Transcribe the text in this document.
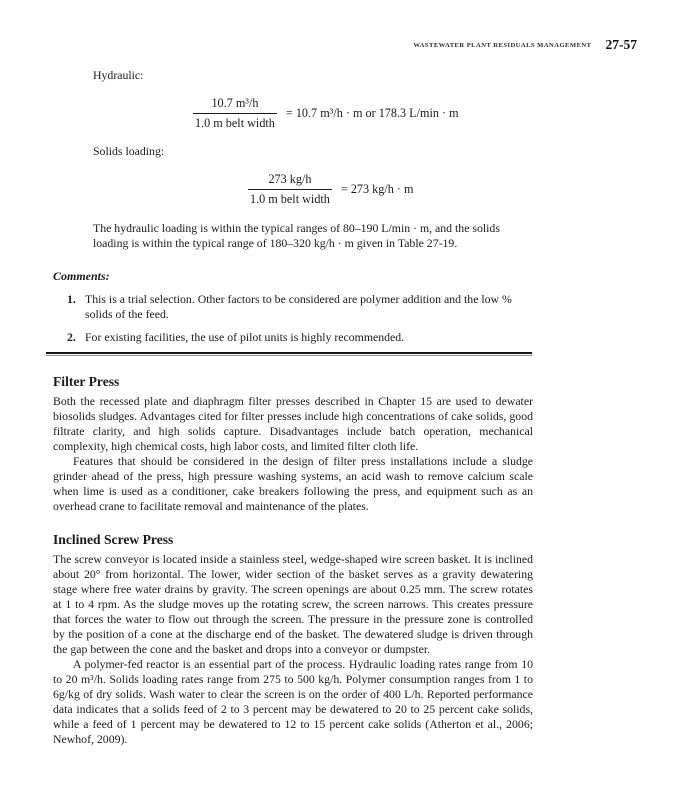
WASTEWATER PLANT RESIDUALS MANAGEMENT 27-57

Hydraulic:

$\frac{\text{10.7 m³/h}}{\text{1.0 m belt width}} = 10.7$ m³/h · m or 178.3 L/min · m

Solids loading:

$\frac{273 kg/h}{\text{1.0 m belt width}} = 273$ kg/h · m

The hydraulic loading is within the typical ranges of 80–190 L/min · m, and the solids loading is within the typical range of 180–320 kg/h · m given in Table 27-19.

Comments:

1. This is a trial selection. Other factors to be considered are polymer addition and the low % solids of the feed.
2. For existing facilities, the use of pilot units is highly recommended.
Filter Press

Both the recessed plate and diaphragm filter presses described in Chapter 15 are used to dewater biosolids sludges. Advantages cited for filter presses include high concentrations of cake solids, good filtrate clarity, and high solids capture. Disadvantages include batch operation, mechanical complexity, high chemical costs, high labor costs, and limited filter cloth life.

Features that should be considered in the design of filter press installations include a sludge grinder ahead of the press, high pressure washing systems, an acid wash to remove calcium scale when lime is used as a conditioner, cake breakers following the press, and equipment such as an overhead crane to facilitate removal and maintenance of the plates.

Inclined Screw Press

The screw conveyor is located inside a stainless steel, wedge-shaped wire screen basket. It is inclined about 20° from horizontal. The lower, wider section of the basket serves as a gravity dewatering stage where free water drains by gravity. The screen openings are about 0.25 mm. The screw rotates at 1 to 4 rpm. As the sludge moves up the rotating screw, the screen narrows. This creates pressure that forces the water to flow out through the screen. The pressure in the pressure zone is controlled by the position of a cone at the discharge end of the basket. The dewatered sludge is driven through the gap between the cone and the basket and drops into a conveyor or dumpster.

A polymer-fed reactor is an essential part of the process. Hydraulic loading rates range from 10 to 20 m³/h. Solids loading rates range from 275 to 500 kg/h. Polymer consumption ranges from 1 to 6g/kg of dry solids. Wash water to clear the screen is on the order of 400 L/h. Reported performance data indicates that a solids feed of 2 to 3 percent may be dewatered to 20 to 25 percent cake solids, while a feed of 1 percent may be dewatered to 12 to 15 percent cake solids (Atherton et al., 2006; Newhof, 2009).
